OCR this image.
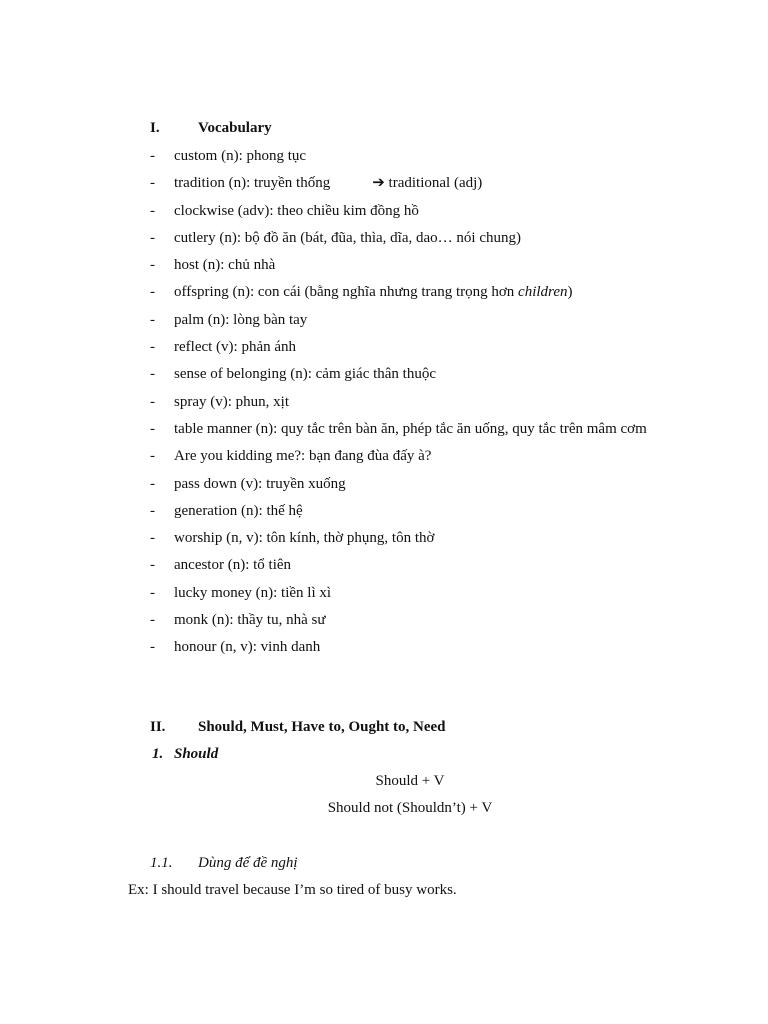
I.	Vocabulary
- custom (n): phong tục
- tradition (n): truyền thống	➔ traditional (adj)
- clockwise (adv): theo chiều kim đồng hồ
- cutlery (n): bộ đồ ăn (bát, đũa, thìa, dĩa, dao… nói chung)
- host (n): chủ nhà
- offspring (n): con cái (bằng nghĩa nhưng trang trọng hơn children)
- palm (n): lòng bàn tay
- reflect (v): phản ánh
- sense of belonging (n): cảm giác thân thuộc
- spray (v): phun, xịt
- table manner (n): quy tắc trên bàn ăn, phép tắc ăn uống, quy tắc trên mâm cơm
- Are you kidding me?: bạn đang đùa đấy à?
- pass down (v): truyền xuống
- generation (n): thế hệ
- worship (n, v): tôn kính, thờ phụng, tôn thờ
- ancestor (n): tổ tiên
- lucky money (n): tiền lì xì
- monk (n): thầy tu, nhà sư
- honour (n, v): vinh danh
II. Should, Must, Have to, Ought to, Need
1. Should
Should + V
Should not (Shouldn’t) + V
1.1. Dùng để đề nghị
Ex: I should travel because I’m so tired of busy works.
